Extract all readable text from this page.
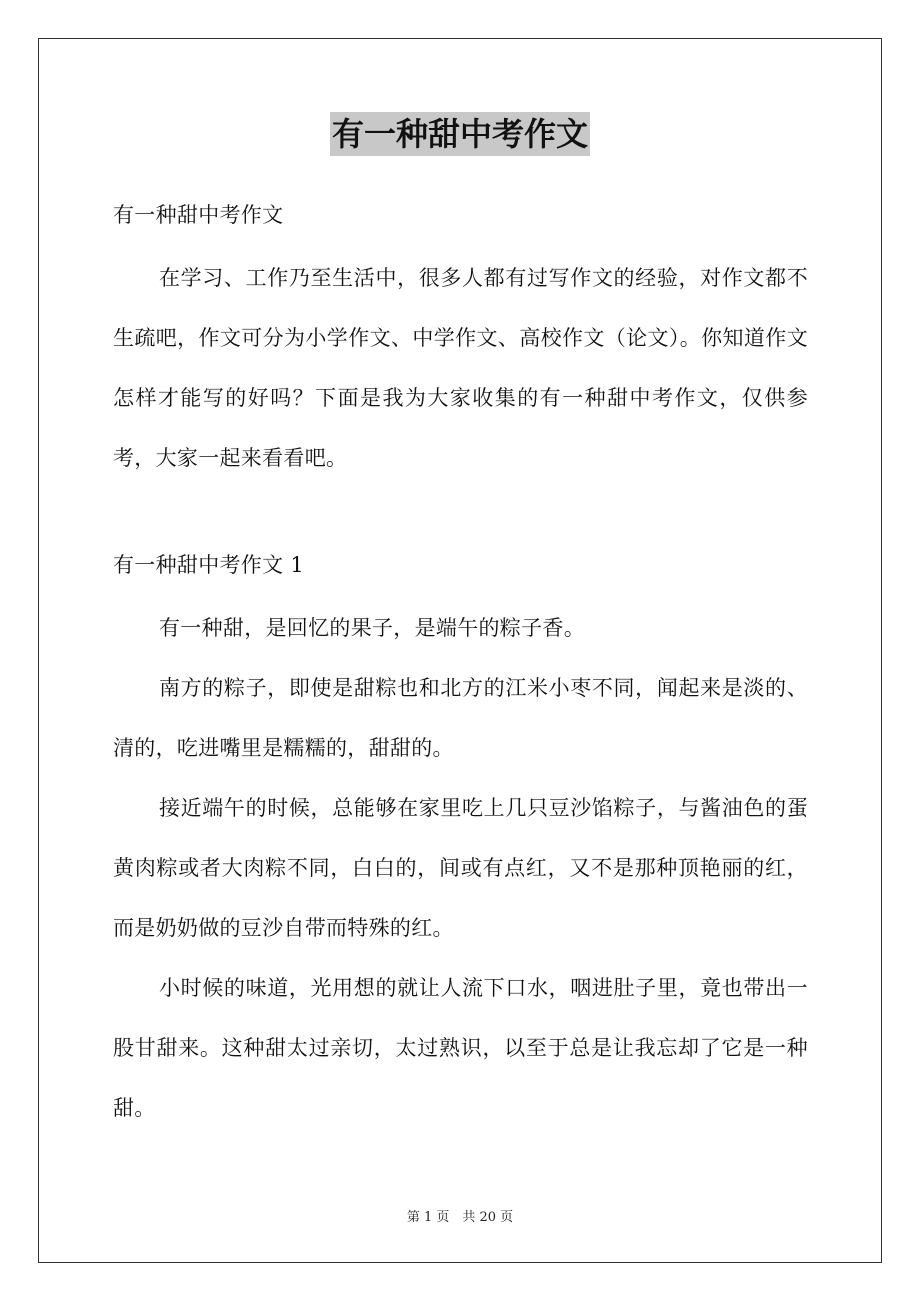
有一种甜中考作文
有一种甜中考作文

在学习、工作乃至生活中，很多人都有过写作文的经验，对作文都不生疏吧，作文可分为小学作文、中学作文、高校作文（论文）。你知道作文怎样才能写的好吗？下面是我为大家收集的有一种甜中考作文，仅供参考，大家一起来看看吧。

有一种甜中考作文 1

有一种甜，是回忆的果子，是端午的粽子香。

南方的粽子，即使是甜粽也和北方的江米小枣不同，闻起来是淡的、清的，吃进嘴里是糯糯的，甜甜的。

接近端午的时候，总能够在家里吃上几只豆沙馅粽子，与酱油色的蛋黄肉粽或者大肉粽不同，白白的，间或有点红，又不是那种顶艳丽的红，而是奶奶做的豆沙自带而特殊的红。

小时候的味道，光用想的就让人流下口水，咽进肚子里，竟也带出一股甘甜来。这种甜太过亲切，太过熟识，以至于总是让我忘却了它是一种甜。

第 1 页　共 20 页
